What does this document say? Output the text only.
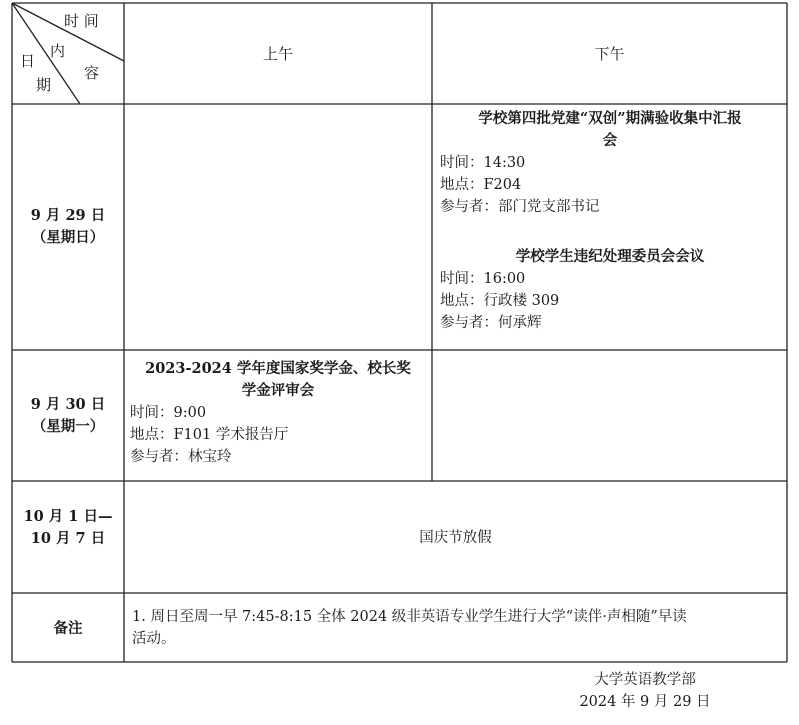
时 间
内
容
日
期
上午	下午
9 月 29 日
（星期日）
学校第四批党建“双创”期满验收集中汇报
会
时间：14:30
地点：F204
参与者：部门党支部书记
学校学生违纪处理委员会会议
时间：16:00
地点：行政楼 309
参与者：何承辉
9 月 30 日
（星期一）
2023-2024 学年度国家奖学金、校长奖
学金评审会
时间：9:00
地点：F101 学术报告厅
参与者：林宝玲
10 月 1 日—
10 月 7 日	国庆节放假
备注
1. 周日至周一早 7:45-8:15 全体 2024 级非英语专业学生进行大学“读伴·声相随”早读
活动。
大学英语教学部
2024 年 9 月 29 日
